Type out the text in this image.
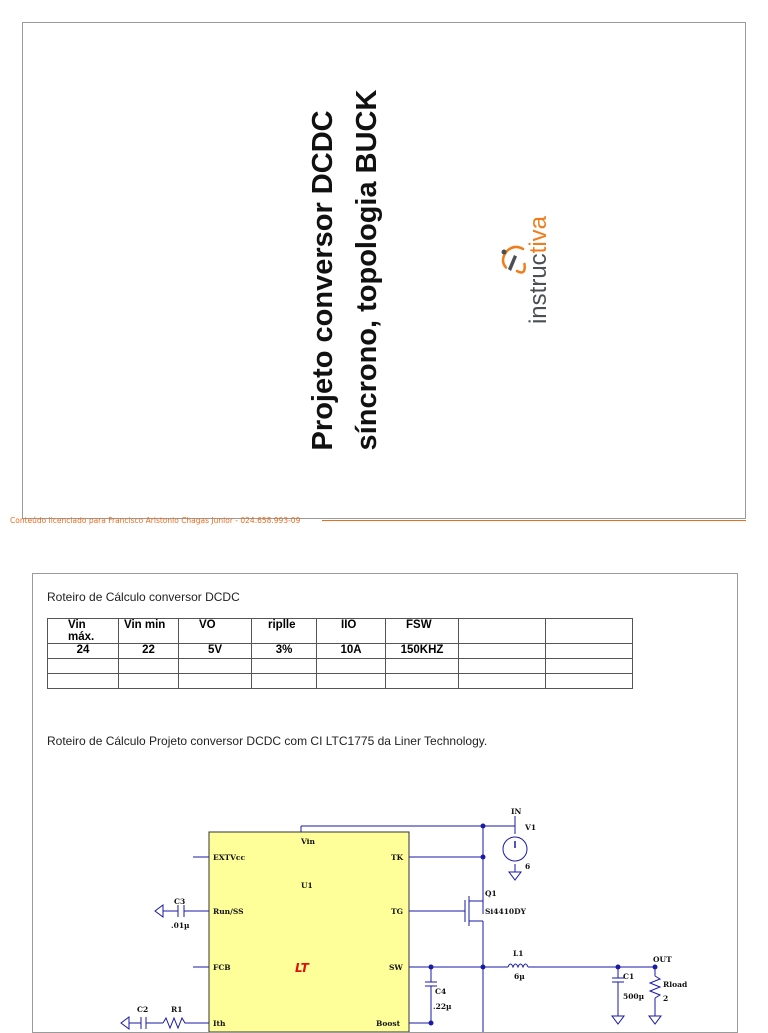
Projeto conversor DCDC síncrono, topologia BUCK	instructiva
Conteúdo licenciado para Francisco Aristonio Chagas Junior - 024.658.993-09
Roteiro de Cálculo conversor DCDC
Vin máx.	Vin min	VO	riplle	IIO	FSW		
24	22	5V	3%	10A	150KHZ		

Roteiro de Cálculo Projeto conversor DCDC com CI LTC1775 da Liner Technology.
Vin
U1
EXTVcc
Run/SS
FCB
Ith
TK
TG
SW
Boost
LT
IN
V1
6
Q1
Si4410DY
C3
.01µ
C4
.22µ
L1
6µ	C1
500µ
OUT
Rload
2
C2	R1
